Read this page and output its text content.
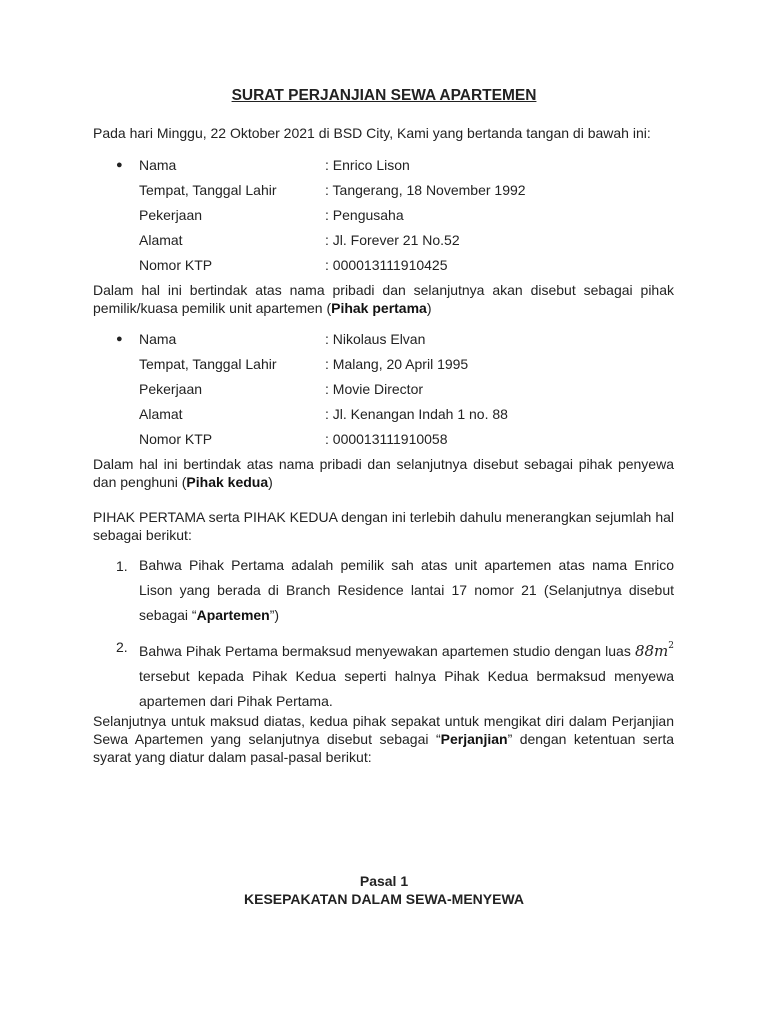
SURAT PERJANJIAN SEWA APARTEMEN
Pada hari Minggu, 22 Oktober 2021 di BSD City, Kami yang bertanda tangan di bawah ini:
● Nama	: Enrico Lison
Tempat, Tanggal Lahir	: Tangerang, 18 November 1992
Pekerjaan	: Pengusaha
Alamat	: Jl. Forever 21 No.52
Nomor KTP	: 000013111910425
Dalam hal ini bertindak atas nama pribadi dan selanjutnya akan disebut sebagai pihak pemilik/kuasa pemilik unit apartemen (Pihak pertama)
● Nama	: Nikolaus Elvan
Tempat, Tanggal Lahir	: Malang, 20 April 1995
Pekerjaan	: Movie Director
Alamat	: Jl. Kenangan Indah 1 no. 88
Nomor KTP	: 000013111910058
Dalam hal ini bertindak atas nama pribadi dan selanjutnya disebut sebagai pihak penyewa dan penghuni (Pihak kedua)
PIHAK PERTAMA serta PIHAK KEDUA dengan ini terlebih dahulu menerangkan sejumlah hal sebagai berikut:
1. Bahwa Pihak Pertama adalah pemilik sah atas unit apartemen atas nama Enrico Lison yang berada di Branch Residence lantai 17 nomor 21 (Selanjutnya disebut sebagai “Apartemen”)
2. Bahwa Pihak Pertama bermaksud menyewakan apartemen studio dengan luas $88m^2$ tersebut kepada Pihak Kedua seperti halnya Pihak Kedua bermaksud menyewa apartemen dari Pihak Pertama.
Selanjutnya untuk maksud diatas, kedua pihak sepakat untuk mengikat diri dalam Perjanjian Sewa Apartemen yang selanjutnya disebut sebagai “Perjanjian” dengan ketentuan serta syarat yang diatur dalam pasal-pasal berikut:
Pasal 1
KESEPAKATAN DALAM SEWA-MENYEWA
